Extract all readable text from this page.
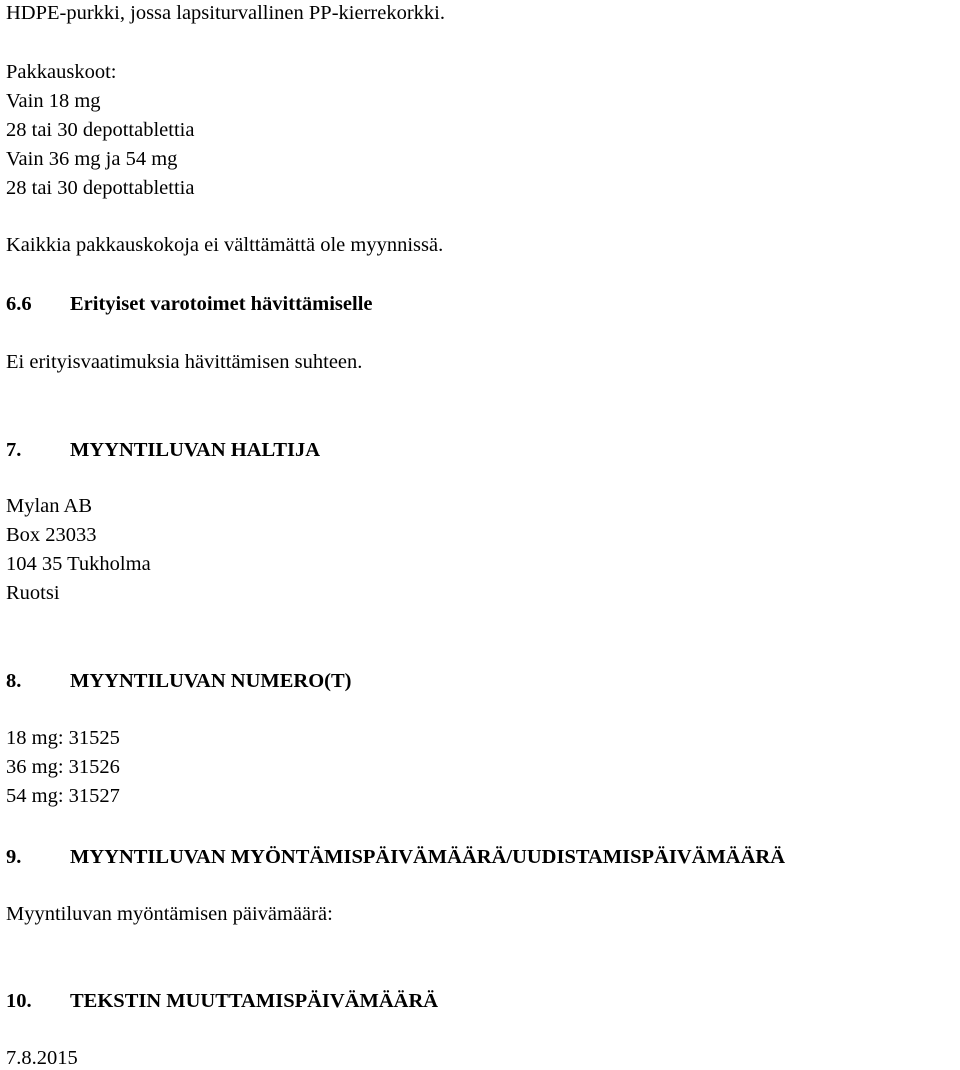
HDPE-purkki, jossa lapsiturvallinen PP-kierrekorkki.
Pakkauskoot:
Vain 18 mg
28 tai 30 depottablettia
Vain 36 mg ja 54 mg
28 tai 30 depottablettia
Kaikkia pakkauskokoja ei välttämättä ole myynnissä.
6.6 Erityiset varotoimet hävittämiselle
Ei erityisvaatimuksia hävittämisen suhteen.
7. MYYNTILUVAN HALTIJA
Mylan AB
Box 23033
104 35 Tukholma
Ruotsi
8. MYYNTILUVAN NUMERO(T)
18 mg: 31525
36 mg: 31526
54 mg: 31527
9. MYYNTILUVAN MYÖNTÄMISPÄIVÄMÄÄRÄ/UUDISTAMISPÄIVÄMÄÄRÄ
Myyntiluvan myöntämisen päivämäärä:
10. TEKSTIN MUUTTAMISPÄIVÄMÄÄRÄ
7.8.2015
